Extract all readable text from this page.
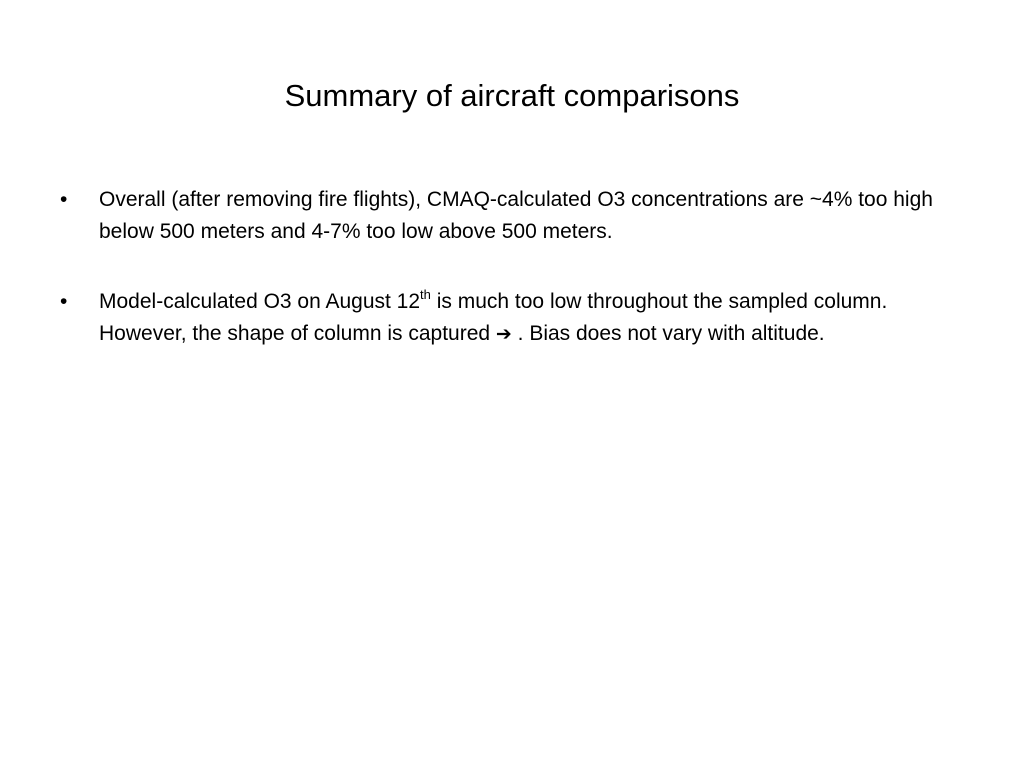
Summary of aircraft comparisons
• Overall (after removing fire flights), CMAQ-calculated O3 concentrations are ~4% too high below 500 meters and 4-7% too low above 500 meters.
• Model-calculated O3 on August 12th is much too low throughout the sampled column. However, the shape of column is captured ➔ . Bias does not vary with altitude.
